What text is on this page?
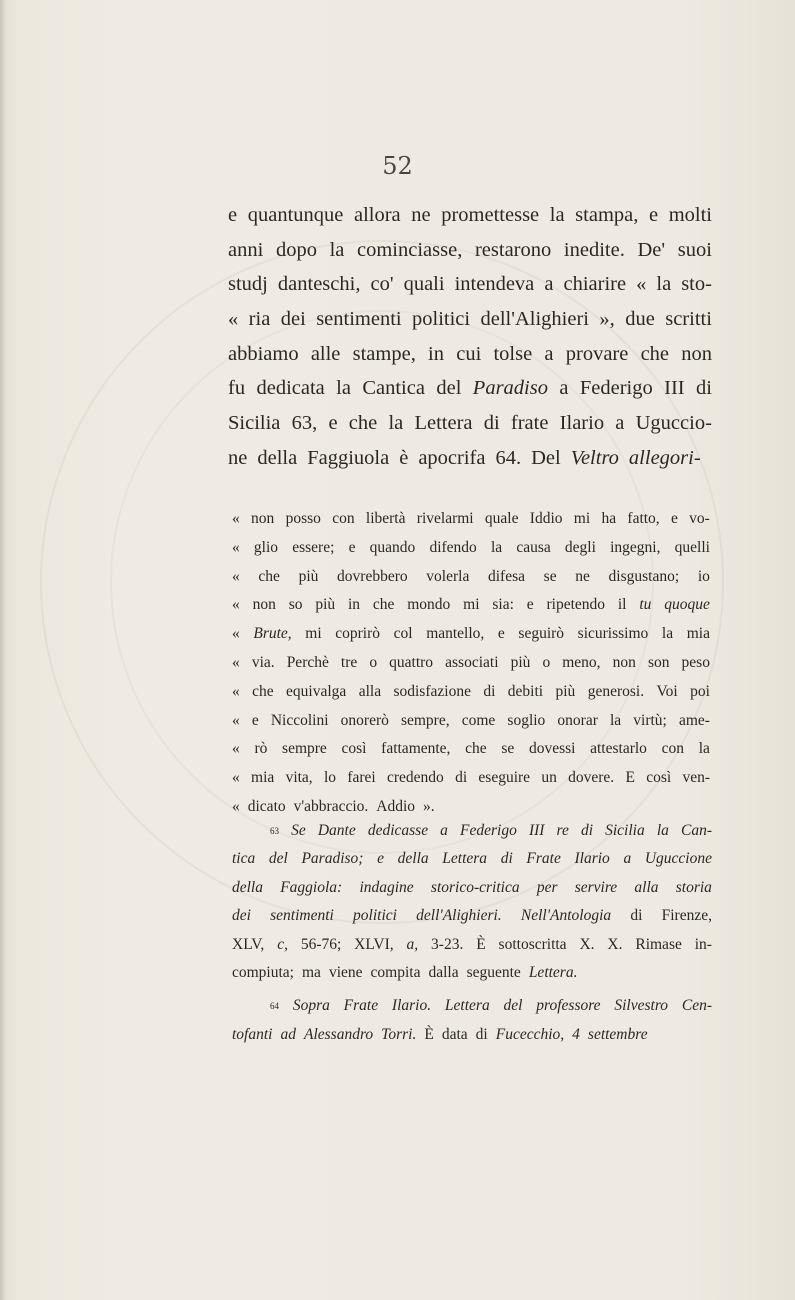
52
e quantunque allora ne promettesse la stampa, e molti
anni dopo la cominciasse, restarono inedite. De' suoi
studj danteschi, co' quali intendeva a chiarire « la sto-
« ria dei sentimenti politici dell'Alighieri », due scritti
abbiamo alle stampe, in cui tolse a provare che non
fu dedicata la Cantica del Paradiso a Federigo III di
Sicilia 63, e che la Lettera di frate Ilario a Uguccio-
ne della Faggiuola è apocrifa 64. Del Veltro allegori-
« non posso con libertà rivelarmi quale Iddio mi ha fatto, e vo-
« glio essere; e quando difendo la causa degli ingegni, quelli
« che più dovrebbero volerla difesa se ne disgustano; io
« non so più in che mondo mi sia: e ripetendo il tu quoque
« Brute, mi coprirò col mantello, e seguirò sicurissimo la mia
« via. Perchè tre o quattro associati più o meno, non son peso
« che equivalga alla sodisfazione di debiti più generosi. Voi poi
« e Niccolini onorerò sempre, come soglio onorar la virtù; ame-
« rò sempre così fattamente, che se dovessi attestarlo con la
« mia vita, lo farei credendo di eseguire un dovere. E così ven-
« dicato v'abbraccio. Addio ».
$^{63}$ Se Dante dedicasse a Federigo III re di Sicilia la Can-
tica del Paradiso; e della Lettera di Frate Ilario a Uguccione
della Faggiola: indagine storico-critica per servire alla storia
dei sentimenti politici dell'Alighieri. Nell'Antologia di Firenze,
XLV, c, 56-76; XLVI, a, 3-23. È sottoscritta X. X. Rimase in-
compiuta; ma viene compita dalla seguente Lettera.
$^{64}$ Sopra Frate Ilario. Lettera del professore Silvestro Cen-
tofanti ad Alessandro Torri. È data di Fucecchio, 4 settembre
